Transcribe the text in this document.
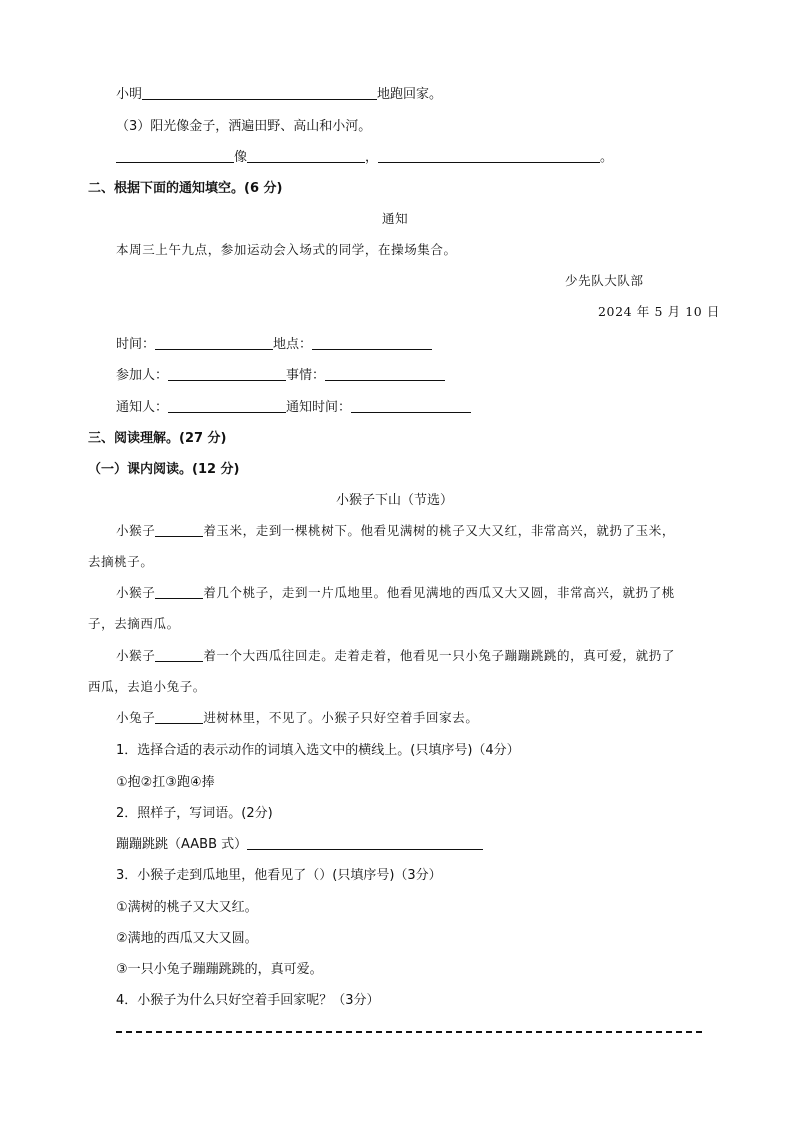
小明	地跑回家。
（3）阳光像金子，洒遍田野、高山和小河。
像	，	。
二、根据下面的通知填空。(6 分)
通知
本周三上午九点，参加运动会入场式的同学，在操场集合。
少先队大队部
2024 年 5 月 10 日
时间：	地点：
参加人：	事情：
通知人：	通知时间：
三、阅读理解。(27 分)
（一）课内阅读。(12 分)
小猴子下山（节选）
小猴子	着玉米，走到一棵桃树下。他看见满树的桃子又大又红，非常高兴，就扔了玉米，
去摘桃子。
小猴子	着几个桃子，走到一片瓜地里。他看见满地的西瓜又大又圆，非常高兴，就扔了桃
子，去摘西瓜。
小猴子	着一个大西瓜往回走。走着走着，他看见一只小兔子蹦蹦跳跳的，真可爱，就扔了
西瓜，去追小兔子。
小兔子	进树林里，不见了。小猴子只好空着手回家去。
1．选择合适的表示动作的词填入选文中的横线上。(只填序号)（4分）
①抱②扛③跑④捧
2．照样子，写词语。(2分)
蹦蹦跳跳（AABB 式）
3．小猴子走到瓜地里，他看见了（）(只填序号)（3分）
①满树的桃子又大又红。
②满地的西瓜又大又圆。
③一只小兔子蹦蹦跳跳的，真可爱。
4．小猴子为什么只好空着手回家呢？（3分）
